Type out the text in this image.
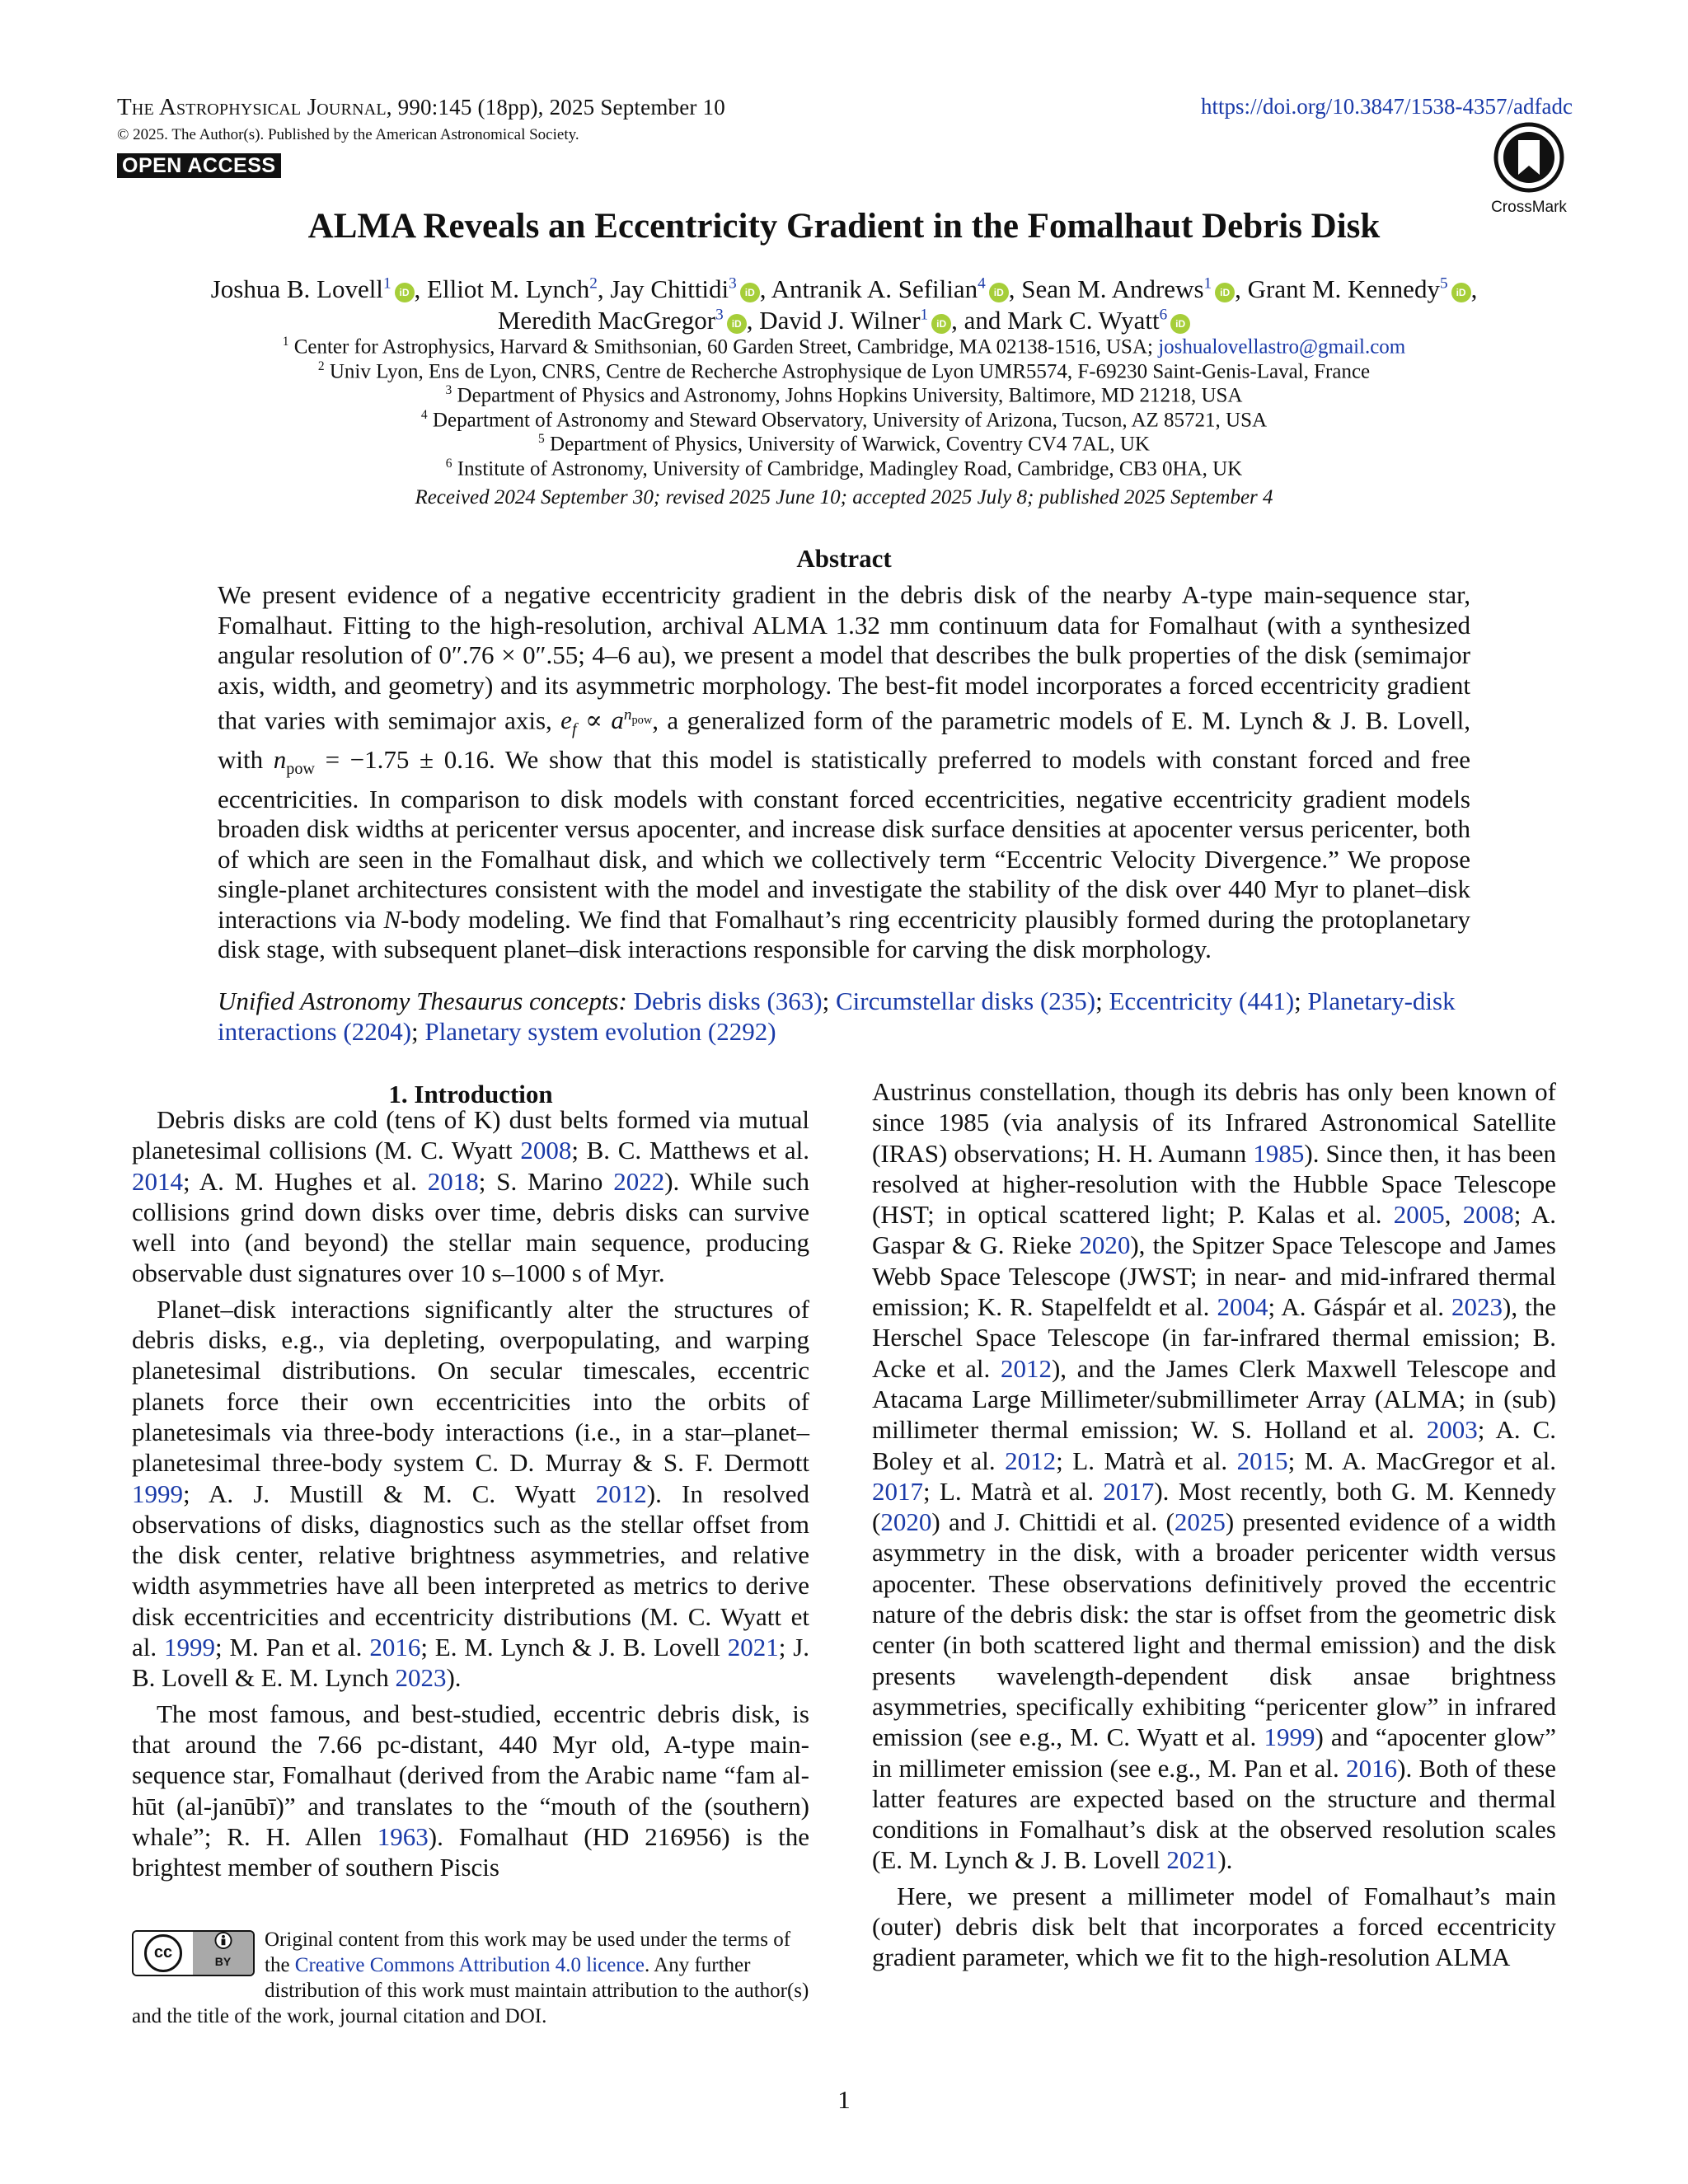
The Astrophysical Journal, 990:145 (18pp), 2025 September 10	https://doi.org/10.3847/1538-4357/adfadc
© 2025. The Author(s). Published by the American Astronomical Society.
OPEN ACCESS
CrossMark
ALMA Reveals an Eccentricity Gradient in the Fomalhaut Debris Disk
Joshua B. Lovell$^1$iD , Elliot M. Lynch$^2$, Jay Chittidi$^3$iD , Antranik A. Sefilian$^4$iD , Sean M. Andrews$^1$iD , Grant M. Kennedy$^5$iD ,
Meredith MacGregor$^3$iD , David J. Wilner$^1$iD , and Mark C. Wyatt$^6$iD
$^1$ Center for Astrophysics, Harvard & Smithsonian, 60 Garden Street, Cambridge, MA 02138-1516, USA; joshualovellastro@gmail.com
$^2$ Univ Lyon, Ens de Lyon, CNRS, Centre de Recherche Astrophysique de Lyon UMR5574, F-69230 Saint-Genis-Laval, France
$^3$ Department of Physics and Astronomy, Johns Hopkins University, Baltimore, MD 21218, USA
$^4$ Department of Astronomy and Steward Observatory, University of Arizona, Tucson, AZ 85721, USA
$^5$ Department of Physics, University of Warwick, Coventry CV4 7AL, UK
$^6$ Institute of Astronomy, University of Cambridge, Madingley Road, Cambridge, CB3 0HA, UK
Received 2024 September 30; revised 2025 June 10; accepted 2025 July 8; published 2025 September 4
Abstract
We present evidence of a negative eccentricity gradient in the debris disk of the nearby A-type main-sequence star, Fomalhaut. Fitting to the high-resolution, archival ALMA 1.32 mm continuum data for Fomalhaut (with a synthesized angular resolution of 0″.76 × 0″.55; 4–6 au), we present a model that describes the bulk properties of the disk (semimajor axis, width, and geometry) and its asymmetric morphology. The best-fit model incorporates a forced eccentricity gradient that varies with semimajor axis, $e_f \propto a^{n_{pow}}$, a generalized form of the parametric models of E. M. Lynch & J. B. Lovell, with $n_{pow} = -1.75 \pm 0.16$. We show that this model is statistically preferred to models with constant forced and free eccentricities. In comparison to disk models with constant forced eccentricities, negative eccentricity gradient models broaden disk widths at pericenter versus apocenter, and increase disk surface densities at apocenter versus pericenter, both of which are seen in the Fomalhaut disk, and which we collectively term “Eccentric Velocity Divergence.” We propose single-planet architectures consistent with the model and investigate the stability of the disk over 440 Myr to planet–disk interactions via N-body modeling. We find that Fomalhaut’s ring eccentricity plausibly formed during the protoplanetary disk stage, with subsequent planet–disk interactions responsible for carving the disk morphology.
Unified Astronomy Thesaurus concepts: Debris disks (363); Circumstellar disks (235); Eccentricity (441); Planetary-disk interactions (2204); Planetary system evolution (2292)
1. Introduction

Debris disks are cold (tens of K) dust belts formed via mutual planetesimal collisions (M. C. Wyatt 2008; B. C. Matthews et al. 2014; A. M. Hughes et al. 2018; S. Marino 2022). While such collisions grind down disks over time, debris disks can survive well into (and beyond) the stellar main sequence, producing observable dust signatures over 10 s–1000 s of Myr.

Planet–disk interactions significantly alter the structures of debris disks, e.g., via depleting, overpopulating, and warping planetesimal distributions. On secular timescales, eccentric planets force their own eccentricities into the orbits of planetesimals via three-body interactions (i.e., in a star–planet–planetesimal three-body system C. D. Murray & S. F. Dermott 1999; A. J. Mustill & M. C. Wyatt 2012). In resolved observations of disks, diagnostics such as the stellar offset from the disk center, relative brightness asymmetries, and relative width asymmetries have all been interpreted as metrics to derive disk eccentricities and eccentricity distributions (M. C. Wyatt et al. 1999; M. Pan et al. 2016; E. M. Lynch & J. B. Lovell 2021; J. B. Lovell & E. M. Lynch 2023).

The most famous, and best-studied, eccentric debris disk, is that around the 7.66 pc-distant, 440 Myr old, A-type main-sequence star, Fomalhaut (derived from the Arabic name “fam al-hūt (al-janūbī)” and translates to the “mouth of the (southern) whale”; R. H. Allen 1963). Fomalhaut (HD 216956) is the brightest member of southern Piscis

Austrinus constellation, though its debris has only been known of since 1985 (via analysis of its Infrared Astronomical Satellite (IRAS) observations; H. H. Aumann 1985). Since then, it has been resolved at higher-resolution with the Hubble Space Telescope (HST; in optical scattered light; P. Kalas et al. 2005, 2008; A. Gaspar & G. Rieke 2020), the Spitzer Space Telescope and James Webb Space Telescope (JWST; in near- and mid-infrared thermal emission; K. R. Stapelfeldt et al. 2004; A. Gáspár et al. 2023), the Herschel Space Telescope (in far-infrared thermal emission; B. Acke et al. 2012), and the James Clerk Maxwell Telescope and Atacama Large Millimeter/submillimeter Array (ALMA; in (sub) millimeter thermal emission; W. S. Holland et al. 2003; A. C. Boley et al. 2012; L. Matrà et al. 2015; M. A. MacGregor et al. 2017; L. Matrà et al. 2017). Most recently, both G. M. Kennedy (2020) and J. Chittidi et al. (2025) presented evidence of a width asymmetry in the disk, with a broader pericenter width versus apocenter. These observations definitively proved the eccentric nature of the debris disk: the star is offset from the geometric disk center (in both scattered light and thermal emission) and the disk presents wavelength-dependent disk ansae brightness asymmetries, specifically exhibiting “pericenter glow” in infrared emission (see e.g., M. C. Wyatt et al. 1999) and “apocenter glow” in millimeter emission (see e.g., M. Pan et al. 2016). Both of these latter features are expected based on the structure and thermal conditions in Fomalhaut’s disk at the observed resolution scales (E. M. Lynch & J. B. Lovell 2021).

Here, we present a millimeter model of Fomalhaut’s main (outer) debris disk belt that incorporates a forced eccentricity gradient parameter, which we fit to the high-resolution ALMA

cc	BY
Original content from this work may be used under the terms of the Creative Commons Attribution 4.0 licence. Any further distribution of this work must maintain attribution to the author(s) and the title of the work, journal citation and DOI.
1
